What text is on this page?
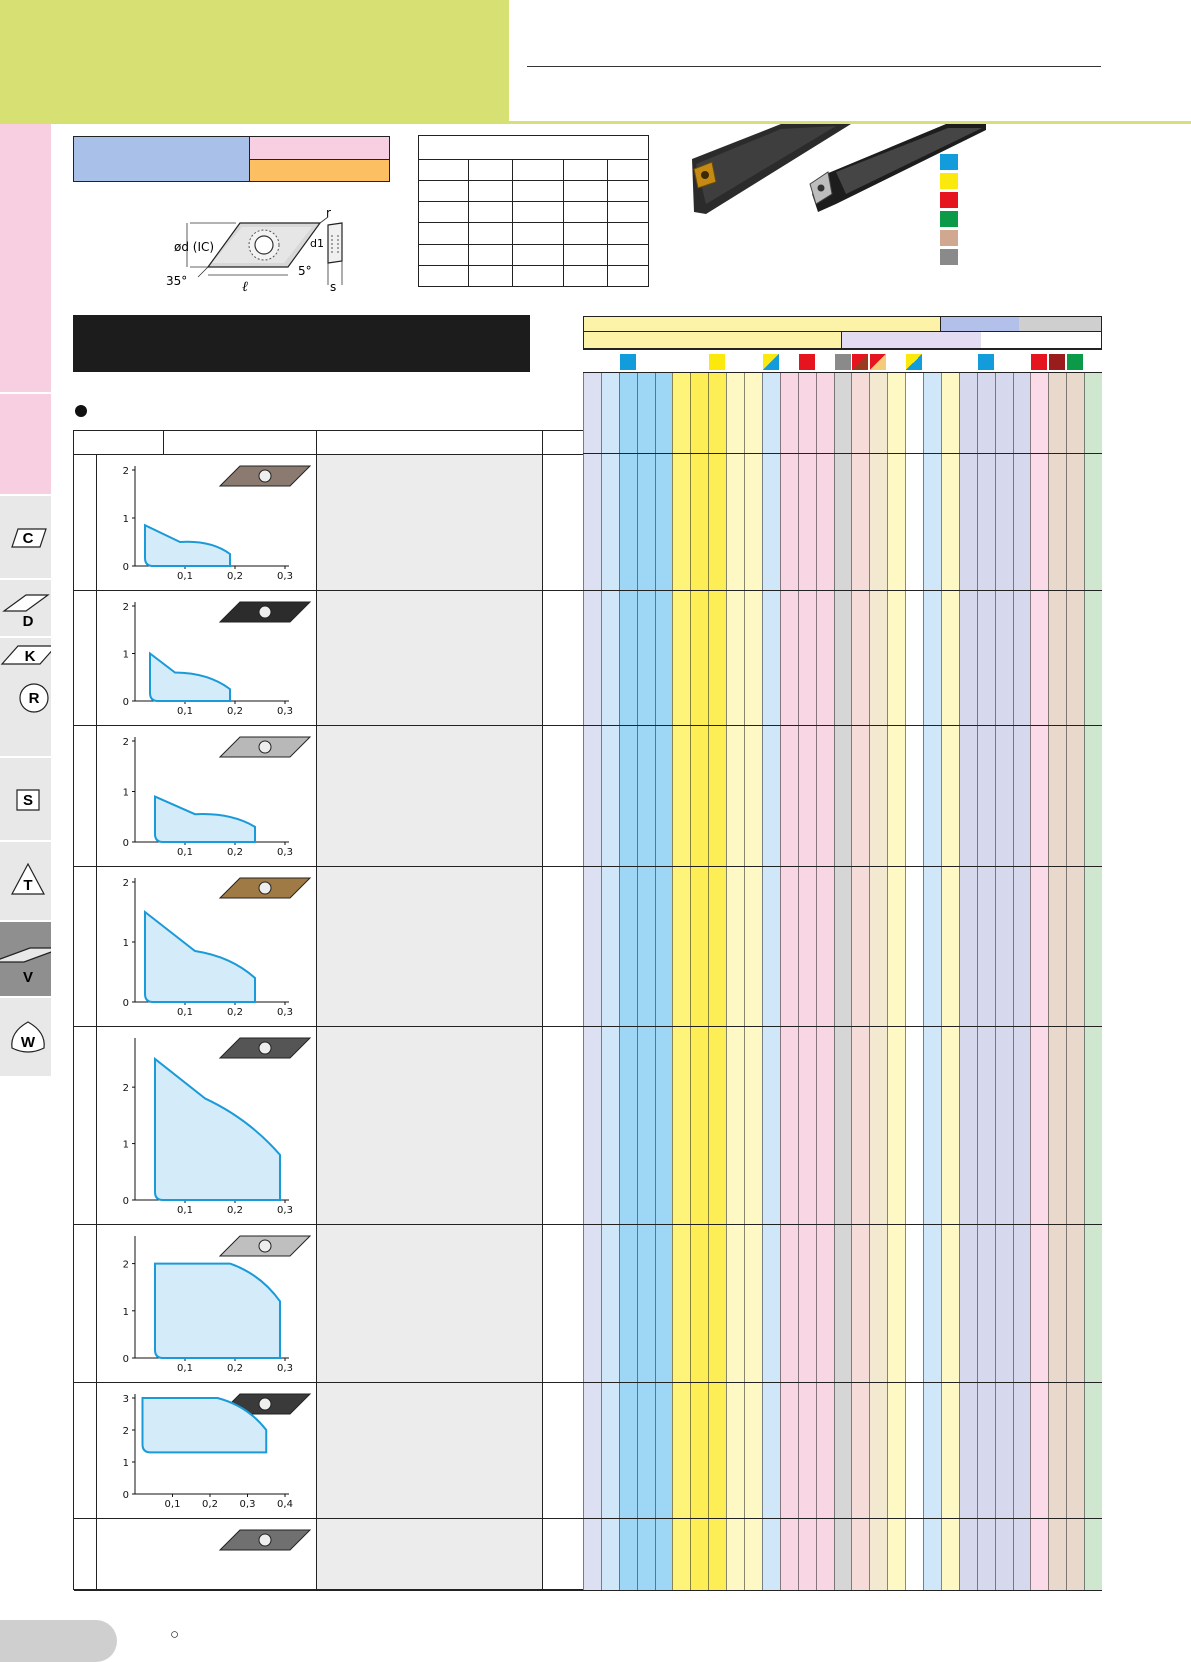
C
D
K
R
S
T
V
W
ød (IC)
35°	ℓ
r
d1
5°
s

0,1	0,2	0,3
0
1
2
0,1	0,2	0,3
0
1
2
0,1	0,2	0,3
0
1
2
0,1	0,2	0,3
0
1
2
0,1	0,2	0,3
0
1
2
0,1	0,2	0,3
0
1
2
0,1 0,2 0,3 0,4
0
1
2
3
○
